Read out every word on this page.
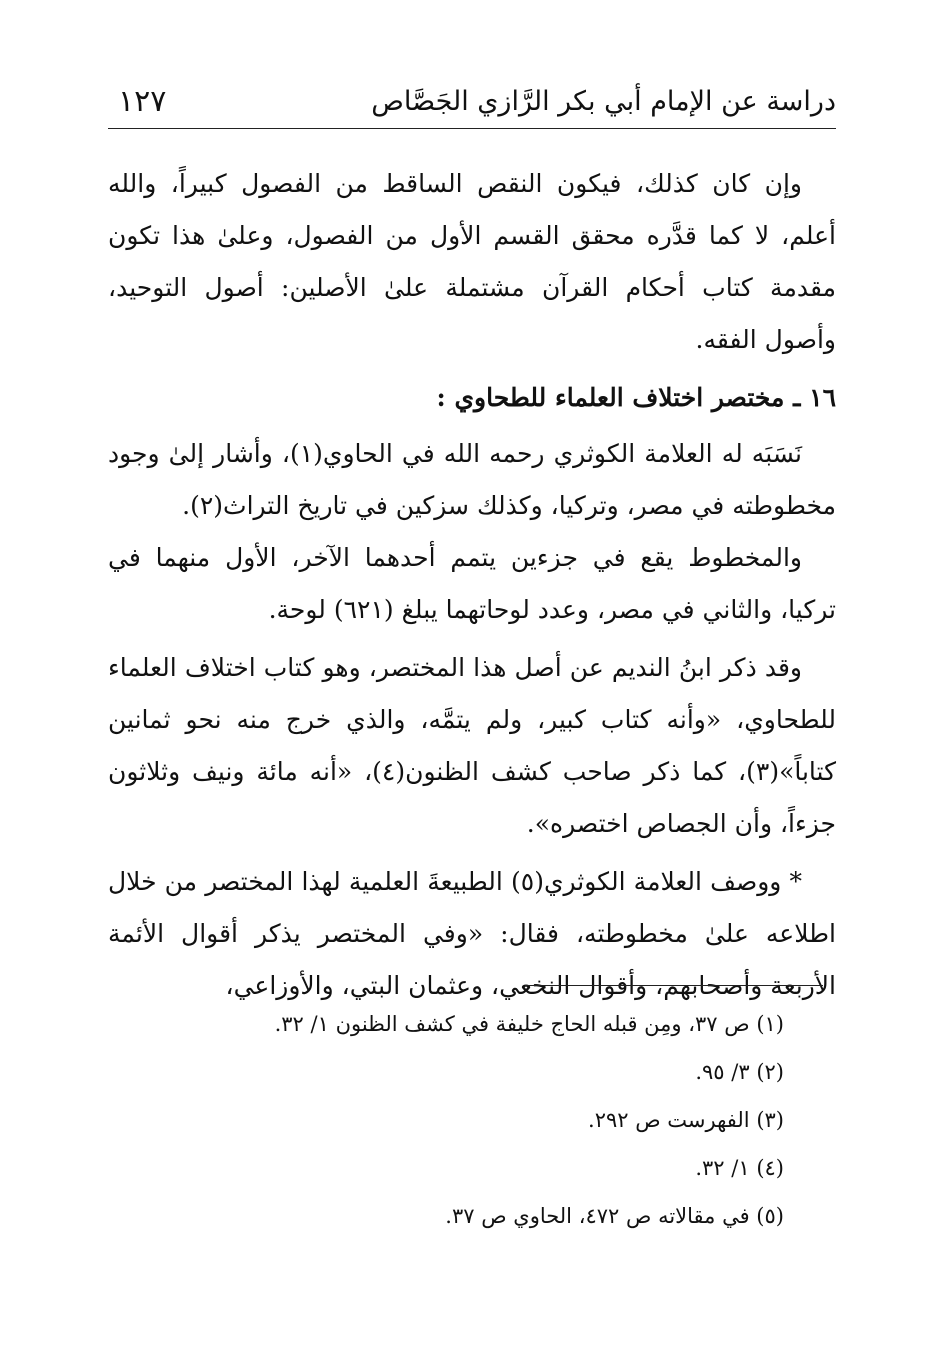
دراسة عن الإمام أبي بكر الرَّازي الجَصَّاص
١٢٧

وإن كان كذلك، فيكون النقص الساقط من الفصول كبيراً، والله أعلم، لا كما قدَّره محقق القسم الأول من الفصول، وعلىٰ هذا تكون مقدمة كتاب أحكام القرآن مشتملة علىٰ الأصلين: أصول التوحيد، وأصول الفقه.

١٦ ـ مختصر اختلاف العلماء للطحاوي :

نَسَبَه له العلامة الكوثري رحمه الله في الحاوي(١)، وأشار إلىٰ وجود مخطوطته في مصر، وتركيا، وكذلك سزكين في تاريخ التراث(٢).

والمخطوط يقع في جزءين يتمم أحدهما الآخر، الأول منهما في تركيا، والثاني في مصر، وعدد لوحاتهما يبلغ (٦٢١) لوحة.

وقد ذكر ابنُ النديم عن أصل هذا المختصر، وهو كتاب اختلاف العلماء للطحاوي، «وأنه كتاب كبير، ولم يتمَّه، والذي خرج منه نحو ثمانين كتاباً»(٣)، كما ذكر صاحب كشف الظنون(٤)، «أنه مائة ونيف وثلاثون جزءاً، وأن الجصاص اختصره».

* ووصف العلامة الكوثري(٥) الطبيعةَ العلمية لهذا المختصر من خلال اطلاعه علىٰ مخطوطته، فقال: «وفي المختصر يذكر أقوال الأئمة الأربعة وأصحابهم، وأقوال النخعي، وعثمان البتي، والأوزاعي،

(١) ص ٣٧، ومِن قبله الحاج خليفة في كشف الظنون ١/ ٣٢.

(٢) ٣/ ٩٥.

(٣) الفهرست ص ٢٩٢.

(٤) ١/ ٣٢.

(٥) في مقالاته ص ٤٧٢، الحاوي ص ٣٧.
